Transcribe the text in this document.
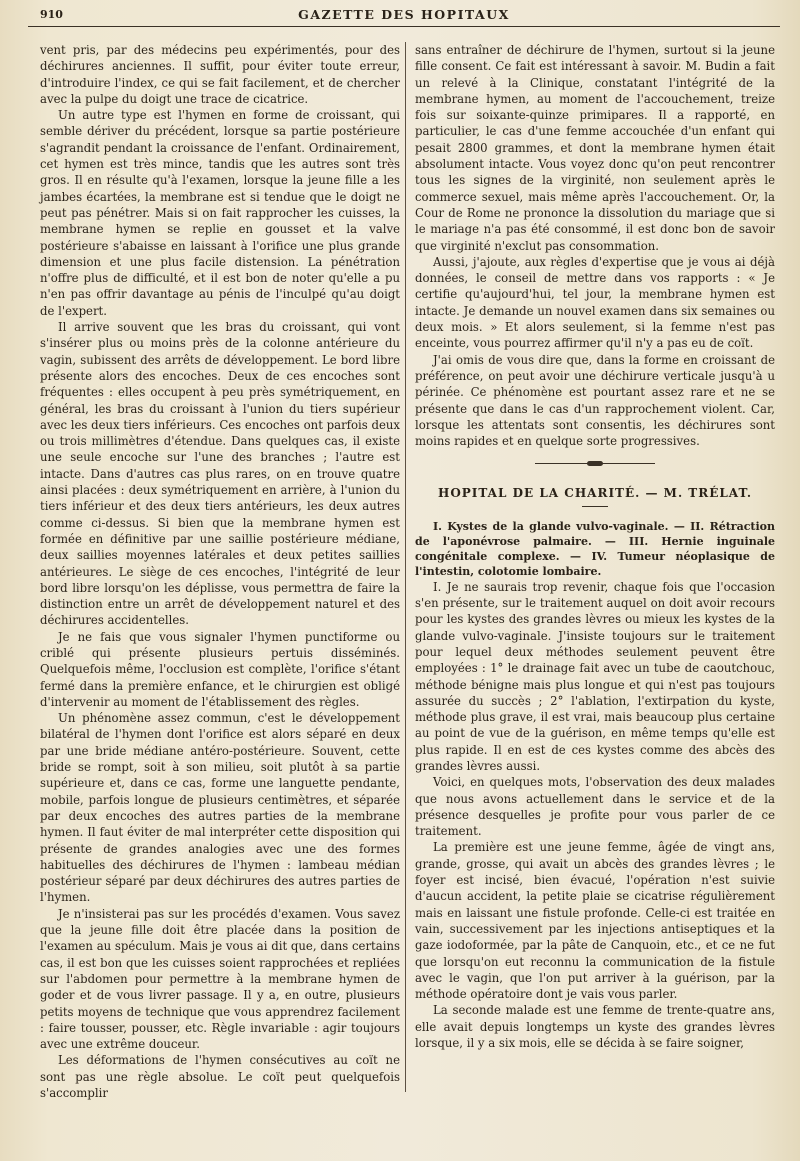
910	GAZETTE DES HOPITAUX

vent pris, par des médecins peu expérimentés, pour des déchirures anciennes. Il suffit, pour éviter toute erreur, d'introduire l'index, ce qui se fait facilement, et de chercher avec la pulpe du doigt une trace de cicatrice.

Un autre type est l'hymen en forme de croissant, qui semble dériver du précédent, lorsque sa partie postérieure s'agrandit pendant la croissance de l'enfant. Ordinairement, cet hymen est très mince, tandis que les autres sont très gros. Il en résulte qu'à l'examen, lorsque la jeune fille a les jambes écartées, la membrane est si tendue que le doigt ne peut pas pénétrer. Mais si on fait rapprocher les cuisses, la membrane hymen se replie en gousset et la valve postérieure s'abaisse en laissant à l'orifice une plus grande dimension et une plus facile distension. La pénétration n'offre plus de difficulté, et il est bon de noter qu'elle a pu n'en pas offrir davantage au pénis de l'inculpé qu'au doigt de l'expert.

Il arrive souvent que les bras du croissant, qui vont s'insérer plus ou moins près de la colonne antérieure du vagin, subissent des arrêts de développement. Le bord libre présente alors des encoches. Deux de ces encoches sont fréquentes : elles occupent à peu près symétriquement, en général, les bras du croissant à l'union du tiers supérieur avec les deux tiers inférieurs. Ces encoches ont parfois deux ou trois millimètres d'étendue. Dans quelques cas, il existe une seule encoche sur l'une des branches ; l'autre est intacte. Dans d'autres cas plus rares, on en trouve quatre ainsi placées : deux symétriquement en arrière, à l'union du tiers inférieur et des deux tiers antérieurs, les deux autres comme ci-dessus. Si bien que la membrane hymen est formée en définitive par une saillie postérieure médiane, deux saillies moyennes latérales et deux petites saillies antérieures. Le siège de ces encoches, l'intégrité de leur bord libre lorsqu'on les déplisse, vous permettra de faire la distinction entre un arrêt de développement naturel et des déchirures accidentelles.

Je ne fais que vous signaler l'hymen punctiforme ou criblé qui présente plusieurs pertuis disséminés. Quelquefois même, l'occlusion est complète, l'orifice s'étant fermé dans la première enfance, et le chirurgien est obligé d'intervenir au moment de l'établissement des règles.

Un phénomène assez commun, c'est le développement bilatéral de l'hymen dont l'orifice est alors séparé en deux par une bride médiane antéro-postérieure. Souvent, cette bride se rompt, soit à son milieu, soit plutôt à sa partie supérieure et, dans ce cas, forme une languette pendante, mobile, parfois longue de plusieurs centimètres, et séparée par deux encoches des autres parties de la membrane hymen. Il faut éviter de mal interpréter cette disposition qui présente de grandes analogies avec une des formes habituelles des déchirures de l'hymen : lambeau médian postérieur séparé par deux déchirures des autres parties de l'hymen.

Je n'insisterai pas sur les procédés d'examen. Vous savez que la jeune fille doit être placée dans la position de l'examen au spéculum. Mais je vous ai dit que, dans certains cas, il est bon que les cuisses soient rapprochées et repliées sur l'abdomen pour permettre à la membrane hymen de goder et de vous livrer passage. Il y a, en outre, plusieurs petits moyens de technique que vous apprendrez facilement : faire tousser, pousser, etc. Règle invariable : agir toujours avec une extrême douceur.

Les déformations de l'hymen consécutives au coït ne sont pas une règle absolue. Le coït peut quelquefois s'accomplir

sans entraîner de déchirure de l'hymen, surtout si la jeune fille consent. Ce fait est intéressant à savoir. M. Budin a fait un relevé à la Clinique, constatant l'intégrité de la membrane hymen, au moment de l'accouchement, treize fois sur soixante-quinze primipares. Il a rapporté, en particulier, le cas d'une femme accouchée d'un enfant qui pesait 2800 grammes, et dont la membrane hymen était absolument intacte. Vous voyez donc qu'on peut rencontrer tous les signes de la virginité, non seulement après le commerce sexuel, mais même après l'accouchement. Or, la Cour de Rome ne prononce la dissolution du mariage que si le mariage n'a pas été consommé, il est donc bon de savoir que virginité n'exclut pas consommation.

Aussi, j'ajoute, aux règles d'expertise que je vous ai déjà données, le conseil de mettre dans vos rapports : « Je certifie qu'aujourd'hui, tel jour, la membrane hymen est intacte. Je demande un nouvel examen dans six semaines ou deux mois. » Et alors seulement, si la femme n'est pas enceinte, vous pourrez affirmer qu'il n'y a pas eu de coït.

J'ai omis de vous dire que, dans la forme en croissant de préférence, on peut avoir une déchirure verticale jusqu'à u périnée. Ce phénomène est pourtant assez rare et ne se présente que dans le cas d'un rapprochement violent. Car, lorsque les attentats sont consentis, les déchirures sont moins rapides et en quelque sorte progressives.

HOPITAL DE LA CHARITÉ. — M. TRÉLAT.

I. Kystes de la glande vulvo-vaginale. — II. Rétraction de l'aponévrose palmaire. — III. Hernie inguinale congénitale complexe. — IV. Tumeur néoplasique de l'intestin, colotomie lombaire.

I. Je ne saurais trop revenir, chaque fois que l'occasion s'en présente, sur le traitement auquel on doit avoir recours pour les kystes des grandes lèvres ou mieux les kystes de la glande vulvo-vaginale. J'insiste toujours sur le traitement pour lequel deux méthodes seulement peuvent être employées : 1° le drainage fait avec un tube de caoutchouc, méthode bénigne mais plus longue et qui n'est pas toujours assurée du succès ; 2° l'ablation, l'extirpation du kyste, méthode plus grave, il est vrai, mais beaucoup plus certaine au point de vue de la guérison, en même temps qu'elle est plus rapide. Il en est de ces kystes comme des abcès des grandes lèvres aussi.

Voici, en quelques mots, l'observation des deux malades que nous avons actuellement dans le service et de la présence desquelles je profite pour vous parler de ce traitement.

La première est une jeune femme, âgée de vingt ans, grande, grosse, qui avait un abcès des grandes lèvres ; le foyer est incisé, bien évacué, l'opération n'est suivie d'aucun accident, la petite plaie se cicatrise régulièrement mais en laissant une fistule profonde. Celle-ci est traitée en vain, successivement par les injections antiseptiques et la gaze iodoformée, par la pâte de Canquoin, etc., et ce ne fut que lorsqu'on eut reconnu la communication de la fistule avec le vagin, que l'on put arriver à la guérison, par la méthode opératoire dont je vais vous parler.

La seconde malade est une femme de trente-quatre ans, elle avait depuis longtemps un kyste des grandes lèvres lorsque, il y a six mois, elle se décida à se faire soigner,
